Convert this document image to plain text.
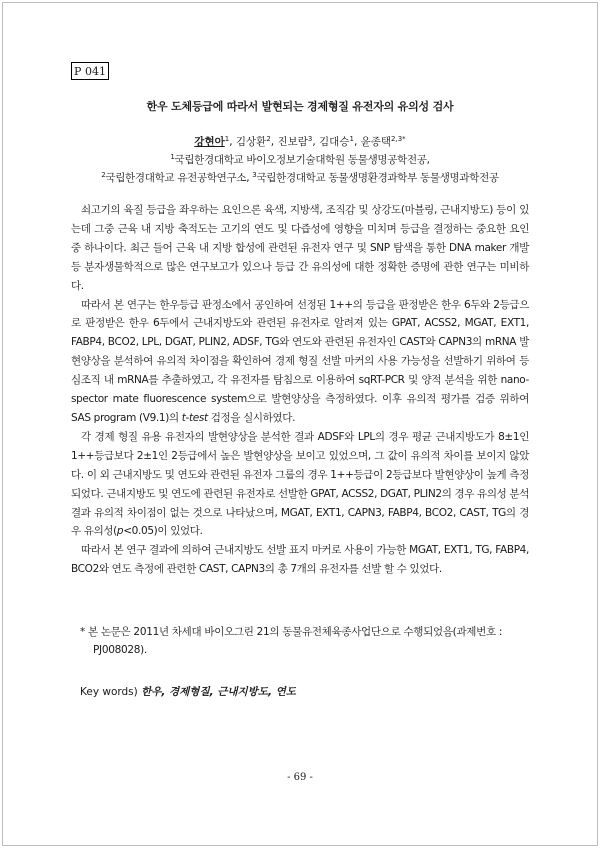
P 041
한우 도체등급에 따라서 발현되는 경제형질 유전자의 유의성 검사
강현아$^1$, 김상환$^2$, 진보람$^3$, 김대승$^1$, 윤종택$^{2,3*}$
$^1$국립한경대학교 바이오정보기술대학원 동물생명공학전공,
$^2$국립한경대학교 유전공학연구소, $^3$국립한경대학교 동물생명환경과학부 동물생명과학전공

쇠고기의 육질 등급을 좌우하는 요인으론 육색, 지방색, 조직감 및 상강도(마블링, 근내지방도) 등이 있는데 그중 근육 내 지방 축적도는 고기의 연도 및 다즙성에 영향을 미치며 등급을 결정하는 중요한 요인 중 하나이다. 최근 들어 근육 내 지방 합성에 관련된 유전자 연구 및 SNP 탐색을 통한 DNA maker 개발 등 분자생물학적으로 많은 연구보고가 있으나 등급 간 유의성에 대한 정확한 증명에 관한 연구는 미비하다.

따라서 본 연구는 한우등급 판정소에서 공인하여 선정된 1++의 등급을 판정받은 한우 6두와 2등급으로 판정받은 한우 6두에서 근내지방도와 관련된 유전자로 알려져 있는 GPAT, ACSS2, MGAT, EXT1, FABP4, BCO2, LPL, DGAT, PLIN2, ADSF, TG와 연도와 관련된 유전자인 CAST와 CAPN3의 mRNA 발현양상을 분석하여 유의적 차이점을 확인하여 경제 형질 선발 마커의 사용 가능성을 선발하기 위하여 등심조직 내 mRNA를 추출하였고, 각 유전자를 탐침으로 이용하여 sqRT-PCR 및 양적 분석을 위한 nano-spector mate fluorescence system으로 발현양상을 측정하였다. 이후 유의적 평가를 검증 위하여 SAS program (V9.1)의 t-test 검정을 실시하였다.

각 경제 형질 유용 유전자의 발현양상을 분석한 결과 ADSF와 LPL의 경우 평균 근내지방도가 8±1인 1++등급보다 2±1인 2등급에서 높은 발현양상을 보이고 있었으며, 그 값이 유의적 차이를 보이지 않았다. 이 외 근내지방도 및 연도와 관련된 유전자 그룹의 경우 1++등급이 2등급보다 발현양상이 높게 측정되었다. 근내지방도 및 연도에 관련된 유전자로 선발한 GPAT, ACSS2, DGAT, PLIN2의 경우 유의성 분석결과 유의적 차이점이 없는 것으로 나타났으며, MGAT, EXT1, CAPN3, FABP4, BCO2, CAST, TG의 경우 유의성(p<0.05)이 있었다.

따라서 본 연구 결과에 의하여 근내지방도 선발 표지 마커로 사용이 가능한 MGAT, EXT1, TG, FABP4, BCO2와 연도 측정에 관련한 CAST, CAPN3의 총 7개의 유전자를 선발 할 수 있었다.

* 본 논문은 2011년 차세대 바이오그린 21의 동물유전체육종사업단으로 수행되었음(과제번호 : PJ008028).
Key words) 한우, 경제형질, 근내지방도, 연도
- 69 -
